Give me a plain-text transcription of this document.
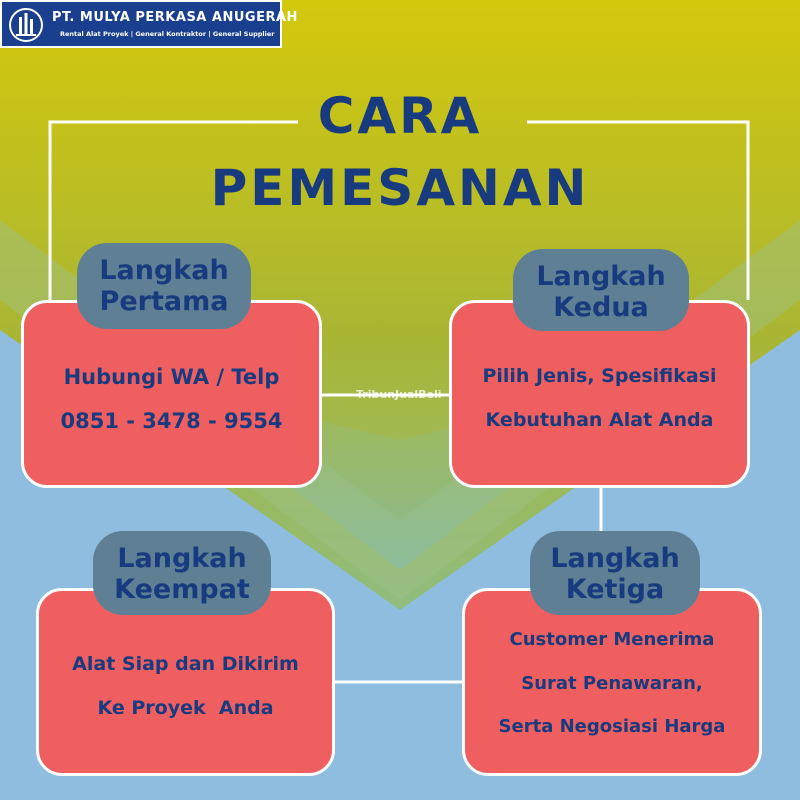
PT. MULYA PERKASA ANUGERAH
Rental Alat Proyek | General Kontraktor | General Supplier
CARA
PEMESANAN
Hubungi WA / Telp
0851 - 3478 - 9554
Langkah
Pertama
Pilih Jenis, Spesifikasi
Kebutuhan Alat Anda
Langkah
Kedua
Alat Siap dan Dikirim
Ke Proyek  Anda
Langkah
Keempat
Customer Menerima
Surat Penawaran,
Serta Negosiasi Harga
Langkah
Ketiga
TribunJualBeli
